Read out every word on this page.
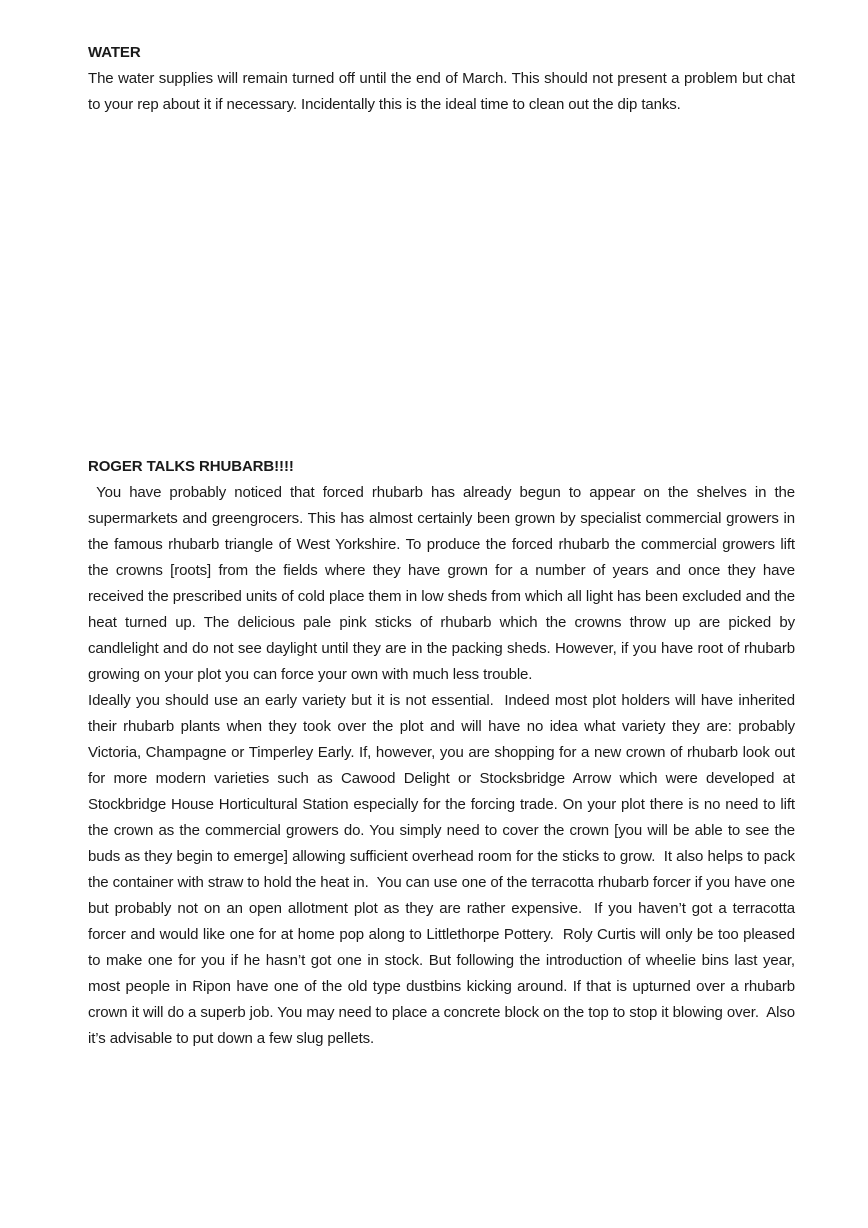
WATER

The water supplies will remain turned off until the end of March. This should not present a problem but chat to your rep about it if necessary. Incidentally this is the ideal time to clean out the dip tanks.

ROGER TALKS RHUBARB!!!!

You have probably noticed that forced rhubarb has already begun to appear on the shelves in the supermarkets and greengrocers. This has almost certainly been grown by specialist commercial growers in the famous rhubarb triangle of West Yorkshire. To produce the forced rhubarb the commercial growers lift the crowns [roots] from the fields where they have grown for a number of years and once they have received the prescribed units of cold place them in low sheds from which all light has been excluded and the heat turned up. The delicious pale pink sticks of rhubarb which the crowns throw up are picked by candlelight and do not see daylight until they are in the packing sheds. However, if you have root of rhubarb growing on your plot you can force your own with much less trouble.

Ideally you should use an early variety but it is not essential.  Indeed most plot holders will have inherited their rhubarb plants when they took over the plot and will have no idea what variety they are: probably Victoria, Champagne or Timperley Early. If, however, you are shopping for a new crown of rhubarb look out for more modern varieties such as Cawood Delight or Stocksbridge Arrow which were developed at Stockbridge House Horticultural Station especially for the forcing trade. On your plot there is no need to lift the crown as the commercial growers do. You simply need to cover the crown [you will be able to see the buds as they begin to emerge] allowing sufficient overhead room for the sticks to grow.  It also helps to pack the container with straw to hold the heat in.  You can use one of the terracotta rhubarb forcer if you have one but probably not on an open allotment plot as they are rather expensive.  If you haven’t got a terracotta forcer and would like one for at home pop along to Littlethorpe Pottery.  Roly Curtis will only be too pleased to make one for you if he hasn’t got one in stock. But following the introduction of wheelie bins last year, most people in Ripon have one of the old type dustbins kicking around. If that is upturned over a rhubarb crown it will do a superb job. You may need to place a concrete block on the top to stop it blowing over.  Also it’s advisable to put down a few slug pellets.
